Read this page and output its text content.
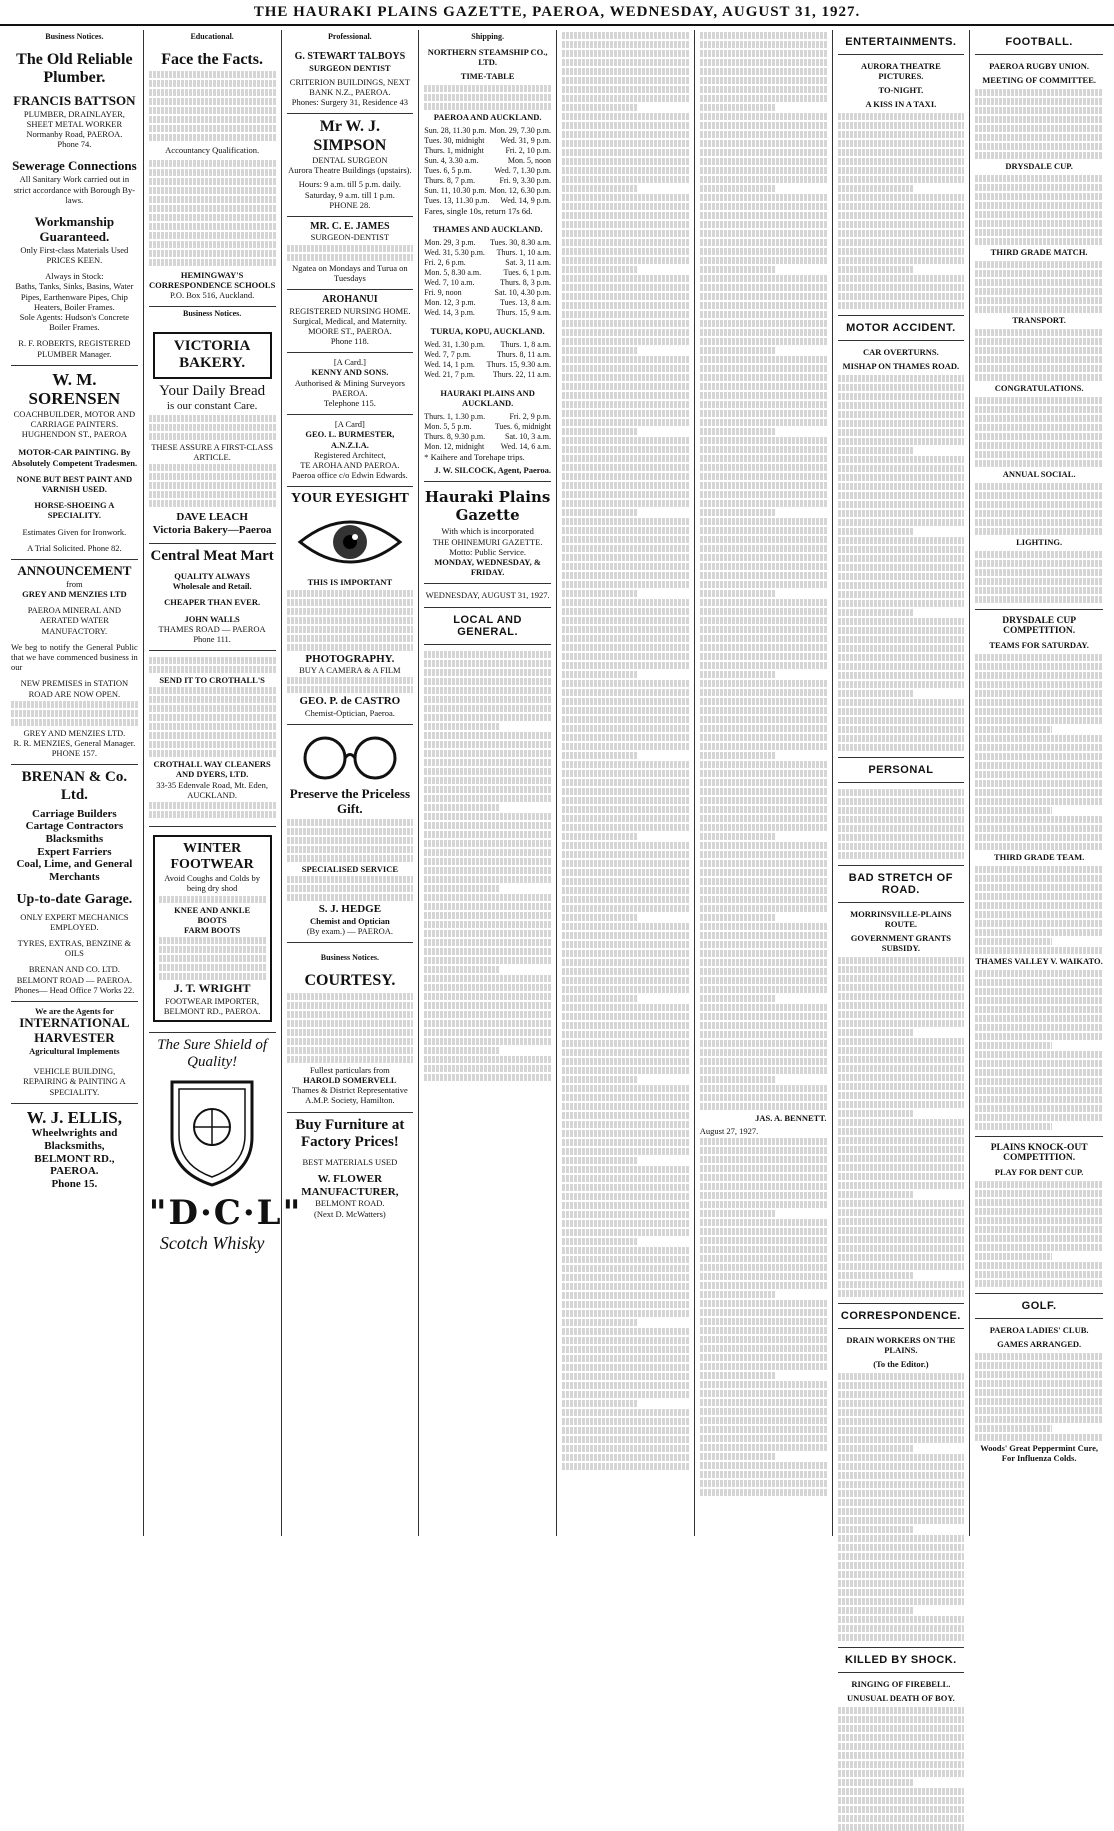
THE HAURAKI PLAINS GAZETTE, PAEROA, WEDNESDAY, AUGUST 31, 1927.
Business Notices.
The Old Reliable Plumber.
FRANCIS BATTSON
PLUMBER, DRAINLAYER, SHEET METAL WORKER
Normanby Road, PAEROA.
Phone 74.
Sewerage Connections
All Sanitary Work carried out in strict accordance with Borough By-laws.
Workmanship Guaranteed.
Only First-class Materials Used
PRICES KEEN.
Always in Stock:
Baths, Tanks, Sinks, Basins, Water Pipes, Earthenware Pipes, Chip Heaters, Boiler Frames.
Sole Agents: Hudson's Concrete Boiler Frames.
R. F. ROBERTS, REGISTERED PLUMBER Manager.
W. M. SORENSEN
COACHBUILDER, MOTOR AND CARRIAGE PAINTERS.
HUGHENDON ST., PAEROA
MOTOR-CAR PAINTING. By Absolutely Competent Tradesmen.
NONE BUT BEST PAINT AND VARNISH USED.
HORSE-SHOEING A SPECIALITY.
Estimates Given for Ironwork.
A Trial Solicited. Phone 82.
ANNOUNCEMENT
from
GREY AND MENZIES LTD
PAEROA MINERAL AND AERATED WATER MANUFACTORY.
We beg to notify the General Public that we have commenced business in our
NEW PREMISES in STATION ROAD ARE NOW OPEN.
GREY AND MENZIES LTD.
R. R. MENZIES, General Manager.
PHONE 157.
BRENAN & Co. Ltd.
Carriage Builders
Cartage Contractors
Blacksmiths
Expert Farriers
Coal, Lime, and General Merchants
Up-to-date Garage.
ONLY EXPERT MECHANICS EMPLOYED.
TYRES, EXTRAS, BENZINE & OILS
BRENAN AND CO. LTD.
BELMONT ROAD — PAEROA.
Phones— Head Office 7 Works 22.
We are the Agents for
INTERNATIONAL HARVESTER
Agricultural Implements
VEHICLE BUILDING, REPAIRING & PAINTING A SPECIALITY.
W. J. ELLIS,
Wheelwrights and Blacksmiths,
BELMONT RD., PAEROA.
Phone 15.
Educational.
Face the Facts.
Accountancy Qualification.
HEMINGWAY'S CORRESPONDENCE SCHOOLS
P.O. Box 516, Auckland.
Business Notices.
VICTORIA BAKERY.
Your Daily Bread
is our constant Care.
THESE ASSURE A FIRST-CLASS ARTICLE.
DAVE LEACH
Victoria Bakery—Paeroa
Central Meat Mart
QUALITY ALWAYS
Wholesale and Retail.
CHEAPER THAN EVER.
JOHN WALLS
THAMES ROAD — PAEROA
Phone 111.
SEND IT TO CROTHALL'S
CROTHALL WAY CLEANERS AND DYERS, LTD.
33-35 Edenvale Road, Mt. Eden, AUCKLAND.
WINTER FOOTWEAR
Avoid Coughs and Colds by being dry shod
KNEE AND ANKLE BOOTS
FARM BOOTS
J. T. WRIGHT
FOOTWEAR IMPORTER, BELMONT RD., PAEROA.
The Sure Shield of Quality!
"D·C·L"
Scotch Whisky
Professional.
G. STEWART TALBOYS
SURGEON DENTIST
CRITERION BUILDINGS, NEXT BANK N.Z., PAEROA.
Phones: Surgery 31, Residence 43
Mr W. J. SIMPSON
DENTAL SURGEON
Aurora Theatre Buildings (upstairs).
Hours: 9 a.m. till 5 p.m. daily.
Saturday, 9 a.m. till 1 p.m.
PHONE 28.
MR. C. E. JAMES
SURGEON-DENTIST
Ngatea on Mondays and Turua on Tuesdays
AROHANUI
REGISTERED NURSING HOME.
Surgical, Medical, and Maternity.
MOORE ST., PAEROA.
Phone 118.
[A Card.]
KENNY AND SONS.
Authorised & Mining Surveyors
PAEROA.
Telephone 115.
[A Card]
GEO. L. BURMESTER, A.N.Z.I.A.
Registered Architect,
TE AROHA AND PAEROA.
Paeroa office c/o Edwin Edwards.
YOUR EYESIGHT
THIS IS IMPORTANT
PHOTOGRAPHY.
BUY A CAMERA & A FILM
GEO. P. de CASTRO
Chemist-Optician, Paeroa.
Preserve the Priceless Gift.
SPECIALISED SERVICE
S. J. HEDGE
Chemist and Optician
(By exam.) — PAEROA.
Business Notices.
COURTESY.
Fullest particulars from
HAROLD SOMERVELL
Thames & District Representative A.M.P. Society, Hamilton.
Buy Furniture at Factory Prices!
BEST MATERIALS USED
W. FLOWER
MANUFACTURER,
BELMONT ROAD.
(Next D. McWatters)
Shipping.
NORTHERN STEAMSHIP CO., LTD.
TIME-TABLE
PAEROA AND AUCKLAND.
Sun. 28, 11.30 p.m.	Mon. 29, 7.30 p.m.
Tues. 30, midnight	Wed. 31, 9 p.m.
Thurs. 1, midnight	Fri. 2, 10 p.m.
Sun. 4, 3.30 a.m.	Mon. 5, noon
Tues. 6, 5 p.m.	Wed. 7, 1.30 p.m.
Thurs. 8, 7 p.m.	Fri. 9, 3.30 p.m.
Sun. 11, 10.30 p.m.	Mon. 12, 6.30 p.m.
Tues. 13, 11.30 p.m.	Wed. 14, 9 p.m.
Fares, single 10s, return 17s 6d.
THAMES AND AUCKLAND.
Mon. 29, 3 p.m.	Tues. 30, 8.30 a.m.
Wed. 31, 5.30 p.m.	Thurs. 1, 10 a.m.
Fri. 2, 6 p.m.	Sat. 3, 11 a.m.
Mon. 5, 8.30 a.m.	Tues. 6, 1 p.m.
Wed. 7, 10 a.m.	Thurs. 8, 3 p.m.
Fri. 9, noon	Sat. 10, 4.30 p.m.
Mon. 12, 3 p.m.	Tues. 13, 8 a.m.
Wed. 14, 3 p.m.	Thurs. 15, 9 a.m.
TURUA, KOPU, AUCKLAND.
Wed. 31, 1.30 p.m.	Thurs. 1, 8 a.m.
Wed. 7, 7 p.m.	Thurs. 8, 11 a.m.
Wed. 14, 1 p.m.	Thurs. 15, 9.30 a.m.
Wed. 21, 7 p.m.	Thurs. 22, 11 a.m.
HAURAKI PLAINS AND AUCKLAND.
Thurs. 1, 1.30 p.m.	Fri. 2, 9 p.m.
Mon. 5, 5 p.m.	Tues. 6, midnight
Thurs. 8, 9.30 p.m.	Sat. 10, 3 a.m.
Mon. 12, midnight	Wed. 14, 6 a.m.
* Kaihere and Torehape trips.
J. W. SILCOCK, Agent, Paeroa.
Hauraki Plains Gazette
With which is incorporated
THE OHINEMURI GAZETTE.
Motto: Public Service.
MONDAY, WEDNESDAY, & FRIDAY.
WEDNESDAY, AUGUST 31, 1927.
LOCAL AND GENERAL.
JAS. A. BENNETT.
August 27, 1927.
ENTERTAINMENTS.
AURORA THEATRE PICTURES.
TO-NIGHT.
A KISS IN A TAXI.
MOTOR ACCIDENT.
CAR OVERTURNS.
MISHAP ON THAMES ROAD.
PERSONAL
BAD STRETCH OF ROAD.
MORRINSVILLE-PLAINS ROUTE.
GOVERNMENT GRANTS SUBSIDY.
CORRESPONDENCE.
DRAIN WORKERS ON THE PLAINS.
(To the Editor.)
KILLED BY SHOCK.
RINGING OF FIREBELL.
UNUSUAL DEATH OF BOY.
FOOTBALL.
PAEROA RUGBY UNION.
MEETING OF COMMITTEE.
DRYSDALE CUP.
THIRD GRADE MATCH.
TRANSPORT.
CONGRATULATIONS.
ANNUAL SOCIAL.
LIGHTING.
DRYSDALE CUP COMPETITION.
TEAMS FOR SATURDAY.
THIRD GRADE TEAM.
THAMES VALLEY V. WAIKATO.
PLAINS KNOCK-OUT COMPETITION.
PLAY FOR DENT CUP.
GOLF.
PAEROA LADIES' CLUB.
GAMES ARRANGED.
Woods' Great Peppermint Cure, For Influenza Colds.
